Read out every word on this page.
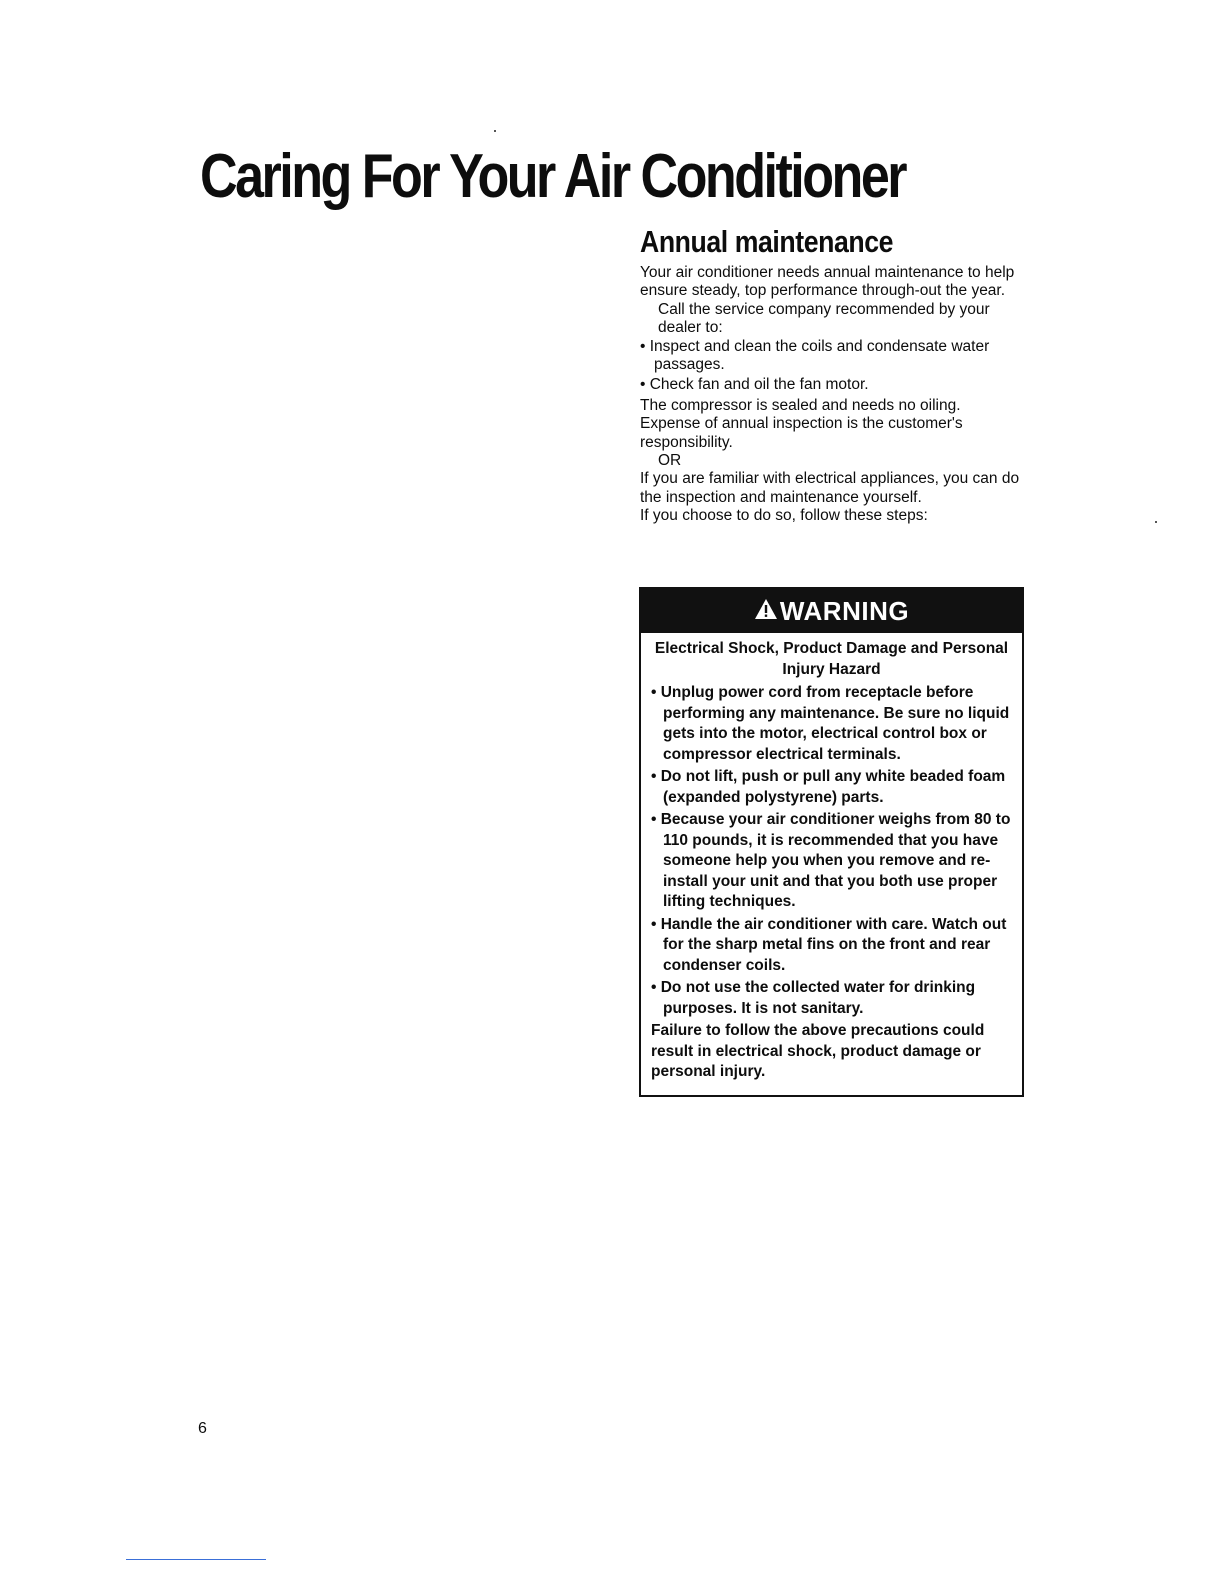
Caring For Your Air Conditioner
Annual maintenance

Your air conditioner needs annual maintenance to help ensure steady, top performance through-out the year.

Call the service company recommended by your dealer to:

• Inspect and clean the coils and condensate water passages.

• Check fan and oil the fan motor.

The compressor is sealed and needs no oiling.

Expense of annual inspection is the customer's responsibility.

OR

If you are familiar with electrical appliances, you can do the inspection and maintenance yourself.

If you choose to do so, follow these steps:

WARNING

Electrical Shock, Product Damage and Personal Injury Hazard

• Unplug power cord from receptacle before performing any maintenance. Be sure no liquid gets into the motor, electrical control box or compressor electrical terminals.

• Do not lift, push or pull any white beaded foam (expanded polystyrene) parts.

• Because your air conditioner weighs from 80 to 110 pounds, it is recommended that you have someone help you when you remove and re-install your unit and that you both use proper lifting techniques.

• Handle the air conditioner with care. Watch out for the sharp metal fins on the front and rear condenser coils.

• Do not use the collected water for drinking purposes. It is not sanitary.

Failure to follow the above precautions could result in electrical shock, product damage or personal injury.

6
